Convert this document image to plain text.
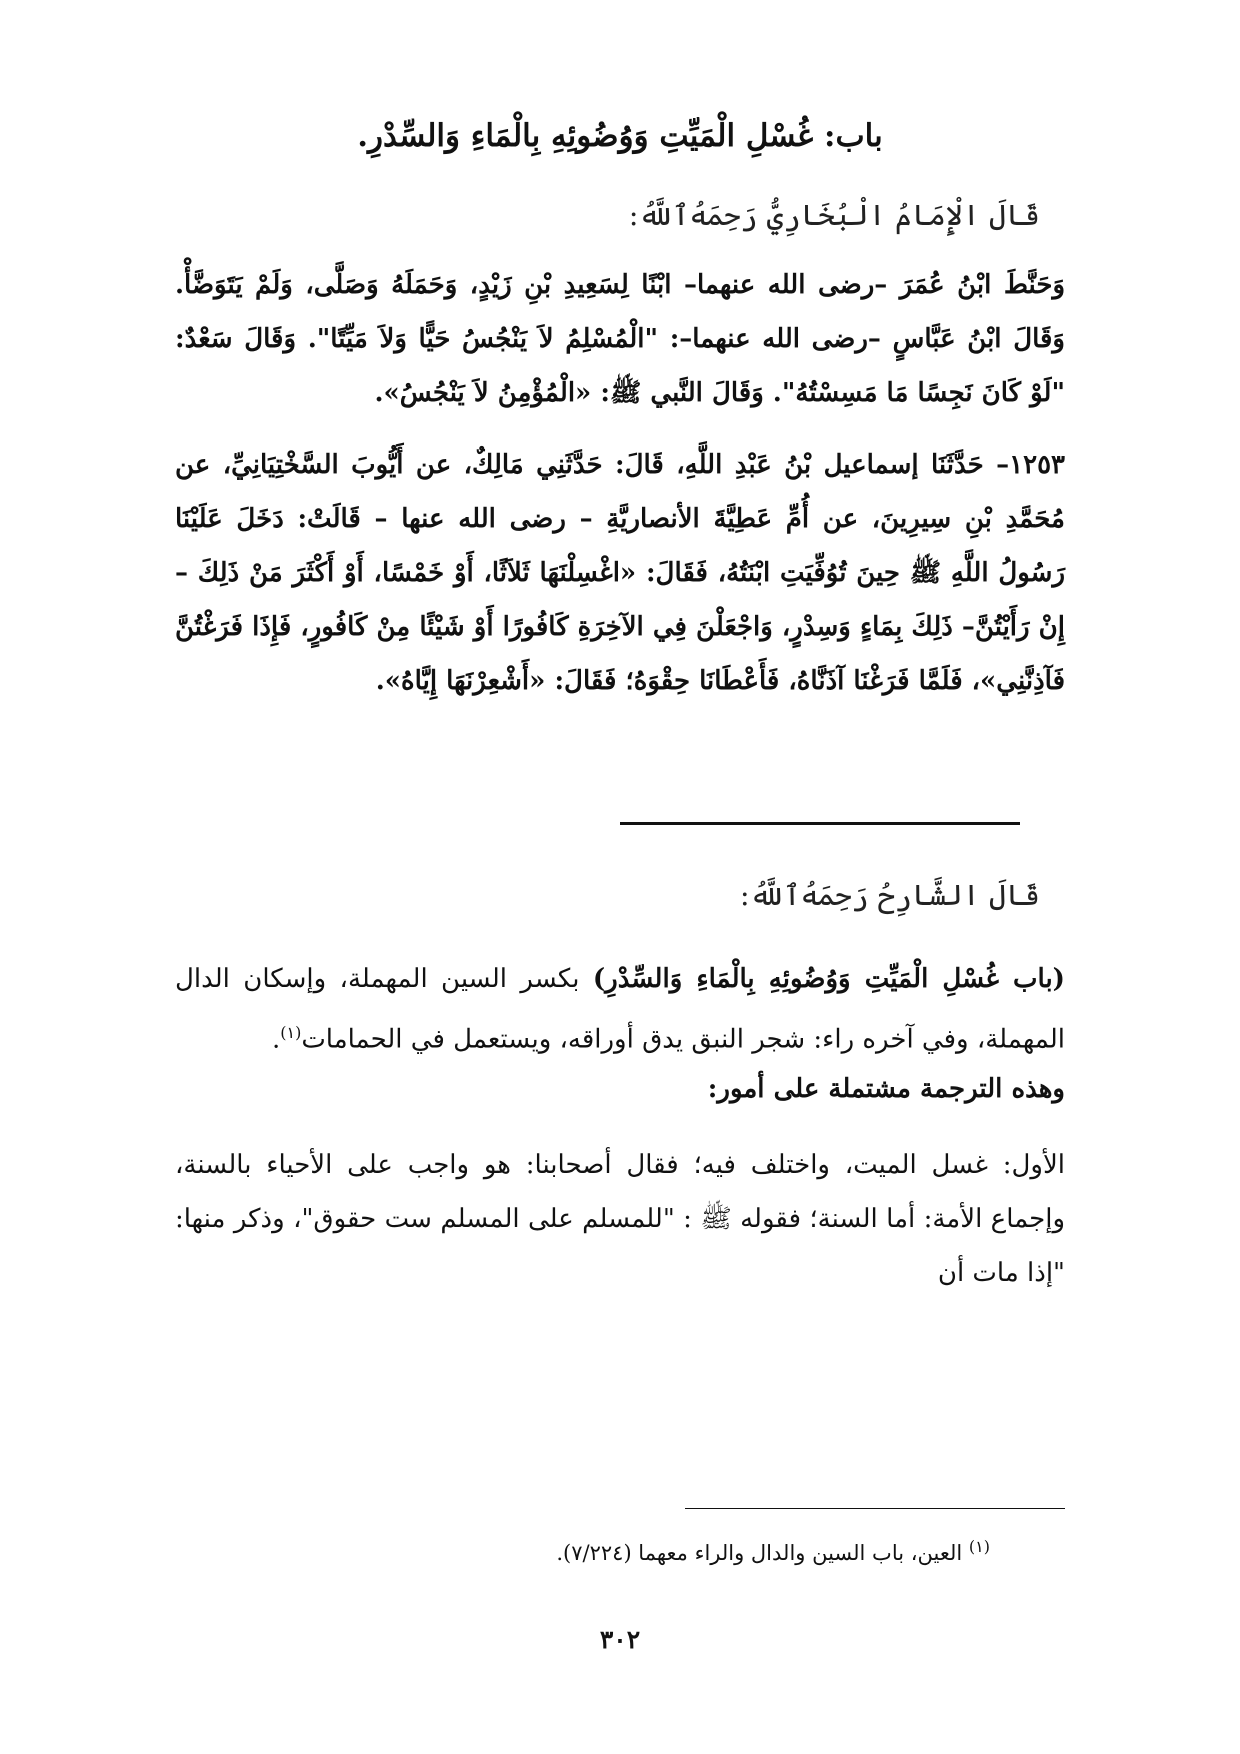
باب: غُسْلِ الْمَيِّتِ وَوُضُوئِهِ بِالْمَاءِ وَالسِّدْرِ.
قَالَ الْإِمَامُ الْبُخَارِيُّ رَحِمَهُ‌ٱللَّهُ:
وَحَنَّطَ ابْنُ عُمَرَ –رضى الله عنهما– ابْنًا لِسَعِيدِ بْنِ زَيْدٍ، وَحَمَلَهُ وَصَلَّى، وَلَمْ يَتَوَضَّأْ. وَقَالَ ابْنُ عَبَّاسٍ –رضى الله عنهما–: "الْمُسْلِمُ لاَ يَنْجُسُ حَيًّا وَلاَ مَيِّتًا". وَقَالَ سَعْدٌ: "لَوْ كَانَ نَجِسًا مَا مَسِسْتُهُ". وَقَالَ النَّبي ﷺ: «الْمُؤْمِنُ لاَ يَنْجُسُ».
١٢٥٣– حَدَّثَنَا إسماعيل بْنُ عَبْدِ اللَّهِ، قَالَ: حَدَّثَنِي مَالِكٌ، عن أَيُّوبَ السَّخْتِيَانِيِّ، عن مُحَمَّدِ بْنِ سِيرِينَ، عن أُمِّ عَطِيَّةَ الأنصاريَّةِ – رضى الله عنها – قَالَتْ: دَخَلَ عَلَيْنَا رَسُولُ اللَّهِ ﷺ حِينَ تُوُفِّيَتِ ابْنَتُهُ، فَقَالَ: «اغْسِلْنَهَا ثَلاَثًا، أَوْ خَمْسًا، أَوْ أَكْثَرَ مَنْ ذَلِكَ –إِنْ رَأَيْتُنَّ– ذَلِكَ بِمَاءٍ وَسِدْرٍ، وَاجْعَلْنَ فِي الآخِرَةِ كَافُورًا أَوْ شَيْئًا مِنْ كَافُورٍ، فَإِذَا فَرَغْتُنَّ فَآذِنَّنِي»، فَلَمَّا فَرَغْنَا آذَنَّاهُ، فَأَعْطَانَا حِقْوَهُ؛ فَقَالَ: «أَشْعِرْنَهَا إِيَّاهُ».
قَالَ الشَّارِحُ رَحِمَهُ‌ٱللَّهُ:
(باب غُسْلِ الْمَيِّتِ وَوُضُوئِهِ بِالْمَاءِ وَالسِّدْرِ) بكسر السين المهملة، وإسكان الدال المهملة، وفي آخره راء: شجر النبق يدق أوراقه، ويستعمل في الحمامات$^{(١)}$.
وهذه الترجمة مشتملة على أمور:
الأول: غسل الميت، واختلف فيه؛ فقال أصحابنا: هو واجب على الأحياء بالسنة، وإجماع الأمة: أما السنة؛ فقوله ﷺ : "للمسلم على المسلم ست حقوق"، وذكر منها: "إذا مات أن
$^{(١)}$ العين، باب السين والدال والراء معهما (٧/٢٢٤).
٣٠٢
